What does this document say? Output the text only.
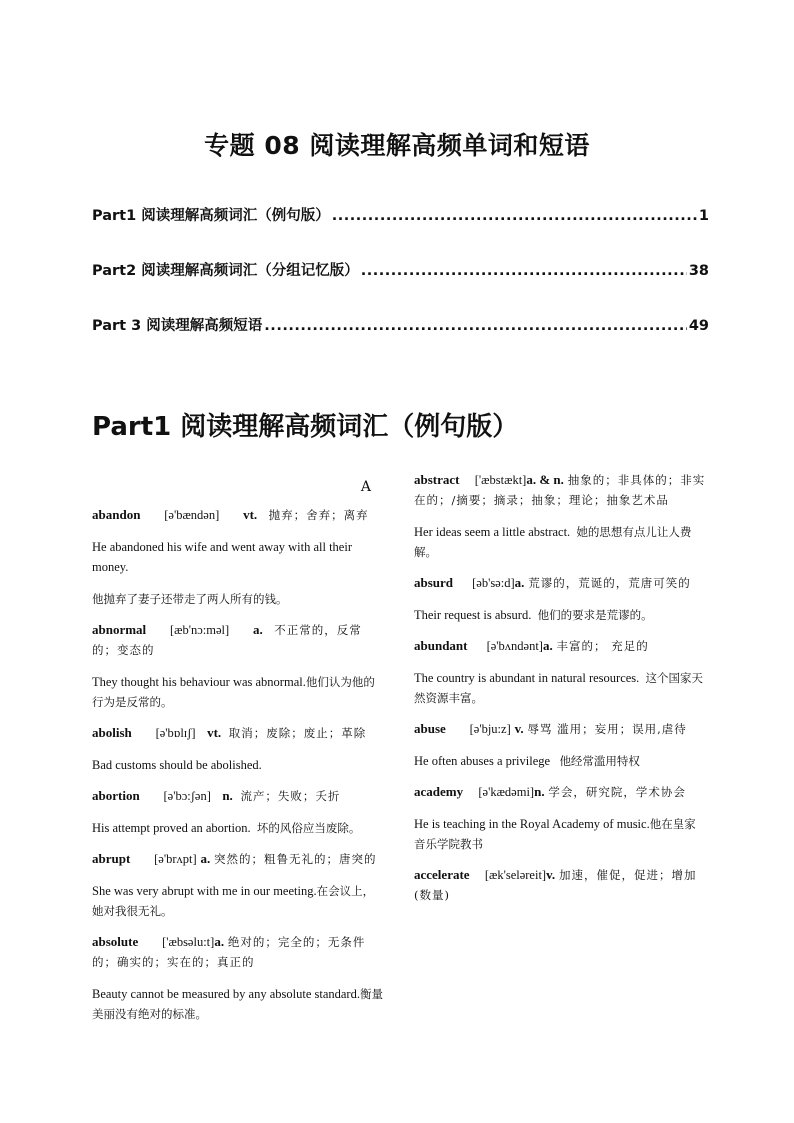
专题 08 阅读理解高频单词和短语
Part1 阅读理解高频词汇（例句版） .....	1
Part2 阅读理解高频词汇（分组记忆版） .....	38
Part 3 阅读理解高频短语 .....	49
Part1 阅读理解高频词汇（例句版）
A
abandon [ə'bændən] vt. 抛弃；舍弃；离弃
He abandoned his wife and went away with all their money.
他抛弃了妻子还带走了两人所有的钱。
abnormal [æb'nɔ:məl] a. 不正常的，反常的；变态的
They thought his behaviour was abnormal.他们认为他的行为是反常的。
abolish [ə'bɒlɪʃ] vt. 取消；废除；废止；革除
Bad customs should be abolished.
abortion [ə'bɔ:ʃən] n. 流产；失败；夭折
His attempt proved an abortion. 坏的风俗应当废除。
abrupt [ə'brʌpt] a. 突然的；粗鲁无礼的；唐突的
She was very abrupt with me in our meeting.在会议上，她对我很无礼。
absolute ['æbsəlu:t]a. 绝对的；完全的；无条件的；确实的；实在的；真正的
Beauty cannot be measured by any absolute standard.衡量美丽没有绝对的标准。
abstract ['æbstækt]a. & n. 抽象的；非具体的；非实在的；/摘要；摘录；抽象；理论；抽象艺术品
Her ideas seem a little abstract. 她的思想有点儿让人费解。
absurd [əb'sə:d]a. 荒谬的，荒诞的，荒唐可笑的
Their request is absurd. 他们的要求是荒谬的。
abundant [ə'bʌndənt]a. 丰富的； 充足的
The country is abundant in natural resources. 这个国家天然资源丰富。
abuse [ə'bju:z] v. 辱骂 滥用；妄用；误用,虐待
He often abuses a privilege 他经常滥用特权
academy [ə'kædəmi]n. 学会，研究院，学术协会
He is teaching in the Royal Academy of music.他在皇家音乐学院教书
accelerate [æk'seləreit]v. 加速，催促，促进；增加(数量)
